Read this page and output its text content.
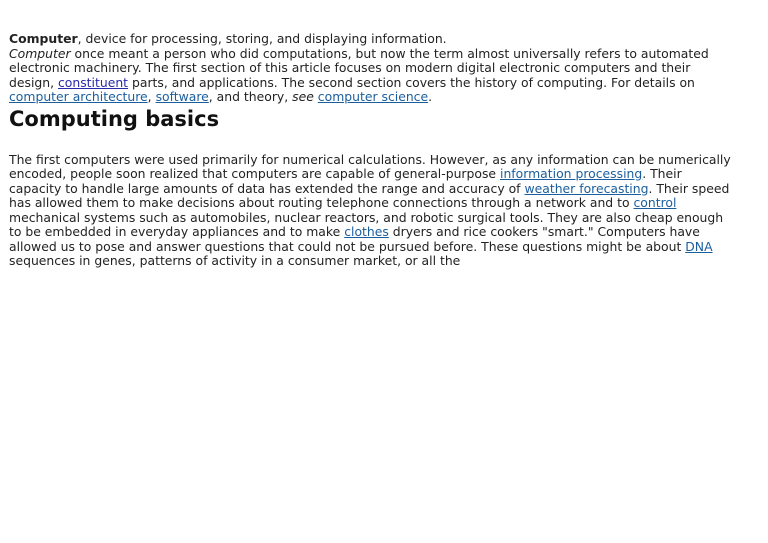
Computer, device for processing, storing, and displaying information.

Computer once meant a person who did computations, but now the term almost universally refers to automated electronic machinery. The first section of this article focuses on modern digital electronic computers and their design, constituent parts, and applications. The second section covers the history of computing. For details on computer architecture, software, and theory, see computer science.

Computing basics

The first computers were used primarily for numerical calculations. However, as any information can be numerically encoded, people soon realized that computers are capable of general-purpose information processing. Their capacity to handle large amounts of data has extended the range and accuracy of weather forecasting. Their speed has allowed them to make decisions about routing telephone connections through a network and to control mechanical systems such as automobiles, nuclear reactors, and robotic surgical tools. They are also cheap enough to be embedded in everyday appliances and to make clothes dryers and rice cookers "smart." Computers have allowed us to pose and answer questions that could not be pursued before. These questions might be about DNA sequences in genes, patterns of activity in a consumer market, or all the
